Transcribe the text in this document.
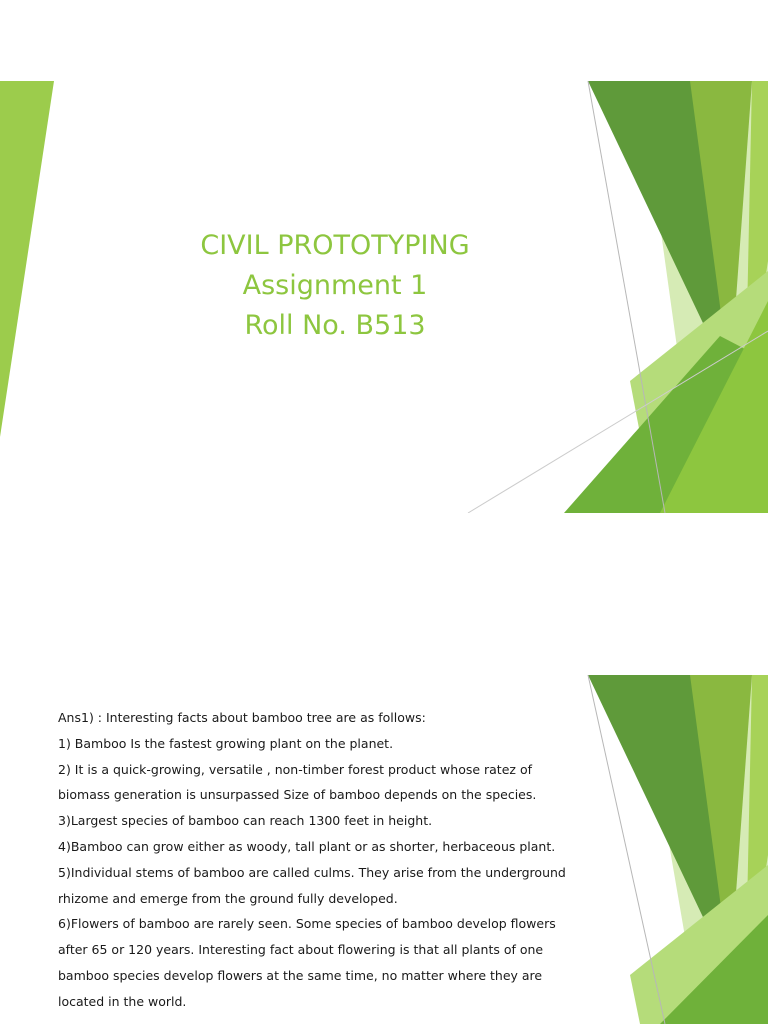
CIVIL PROTOTYPING
Assignment 1
Roll No. B513
Ans1) : Interesting facts about bamboo tree are as follows:
1) Bamboo Is the fastest growing plant on the planet.
2) It is a quick-growing, versatile , non-timber forest product whose ratez of
biomass generation is unsurpassed Size of bamboo depends on the species.
3)Largest species of bamboo can reach 1300 feet in height.
4)Bamboo can grow either as woody, tall plant or as shorter, herbaceous plant.
5)Individual stems of bamboo are called culms. They arise from the underground
rhizome and emerge from the ground fully developed.
6)Flowers of bamboo are rarely seen. Some species of bamboo develop flowers
after 65 or 120 years. Interesting fact about flowering is that all plants of one
bamboo species develop flowers at the same time, no matter where they are
located in the world.
